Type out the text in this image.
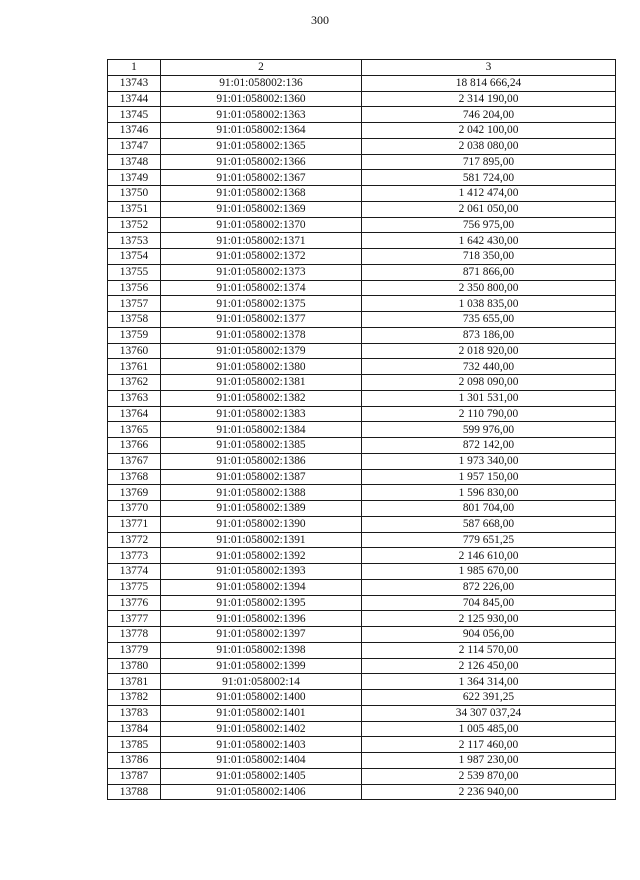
300
1	2	3
13743	91:01:058002:136	18 814 666,24
13744	91:01:058002:1360	2 314 190,00
13745	91:01:058002:1363	746 204,00
13746	91:01:058002:1364	2 042 100,00
13747	91:01:058002:1365	2 038 080,00
13748	91:01:058002:1366	717 895,00
13749	91:01:058002:1367	581 724,00
13750	91:01:058002:1368	1 412 474,00
13751	91:01:058002:1369	2 061 050,00
13752	91:01:058002:1370	756 975,00
13753	91:01:058002:1371	1 642 430,00
13754	91:01:058002:1372	718 350,00
13755	91:01:058002:1373	871 866,00
13756	91:01:058002:1374	2 350 800,00
13757	91:01:058002:1375	1 038 835,00
13758	91:01:058002:1377	735 655,00
13759	91:01:058002:1378	873 186,00
13760	91:01:058002:1379	2 018 920,00
13761	91:01:058002:1380	732 440,00
13762	91:01:058002:1381	2 098 090,00
13763	91:01:058002:1382	1 301 531,00
13764	91:01:058002:1383	2 110 790,00
13765	91:01:058002:1384	599 976,00
13766	91:01:058002:1385	872 142,00
13767	91:01:058002:1386	1 973 340,00
13768	91:01:058002:1387	1 957 150,00
13769	91:01:058002:1388	1 596 830,00
13770	91:01:058002:1389	801 704,00
13771	91:01:058002:1390	587 668,00
13772	91:01:058002:1391	779 651,25
13773	91:01:058002:1392	2 146 610,00
13774	91:01:058002:1393	1 985 670,00
13775	91:01:058002:1394	872 226,00
13776	91:01:058002:1395	704 845,00
13777	91:01:058002:1396	2 125 930,00
13778	91:01:058002:1397	904 056,00
13779	91:01:058002:1398	2 114 570,00
13780	91:01:058002:1399	2 126 450,00
13781	91:01:058002:14	1 364 314,00
13782	91:01:058002:1400	622 391,25
13783	91:01:058002:1401	34 307 037,24
13784	91:01:058002:1402	1 005 485,00
13785	91:01:058002:1403	2 117 460,00
13786	91:01:058002:1404	1 987 230,00
13787	91:01:058002:1405	2 539 870,00
13788	91:01:058002:1406	2 236 940,00
